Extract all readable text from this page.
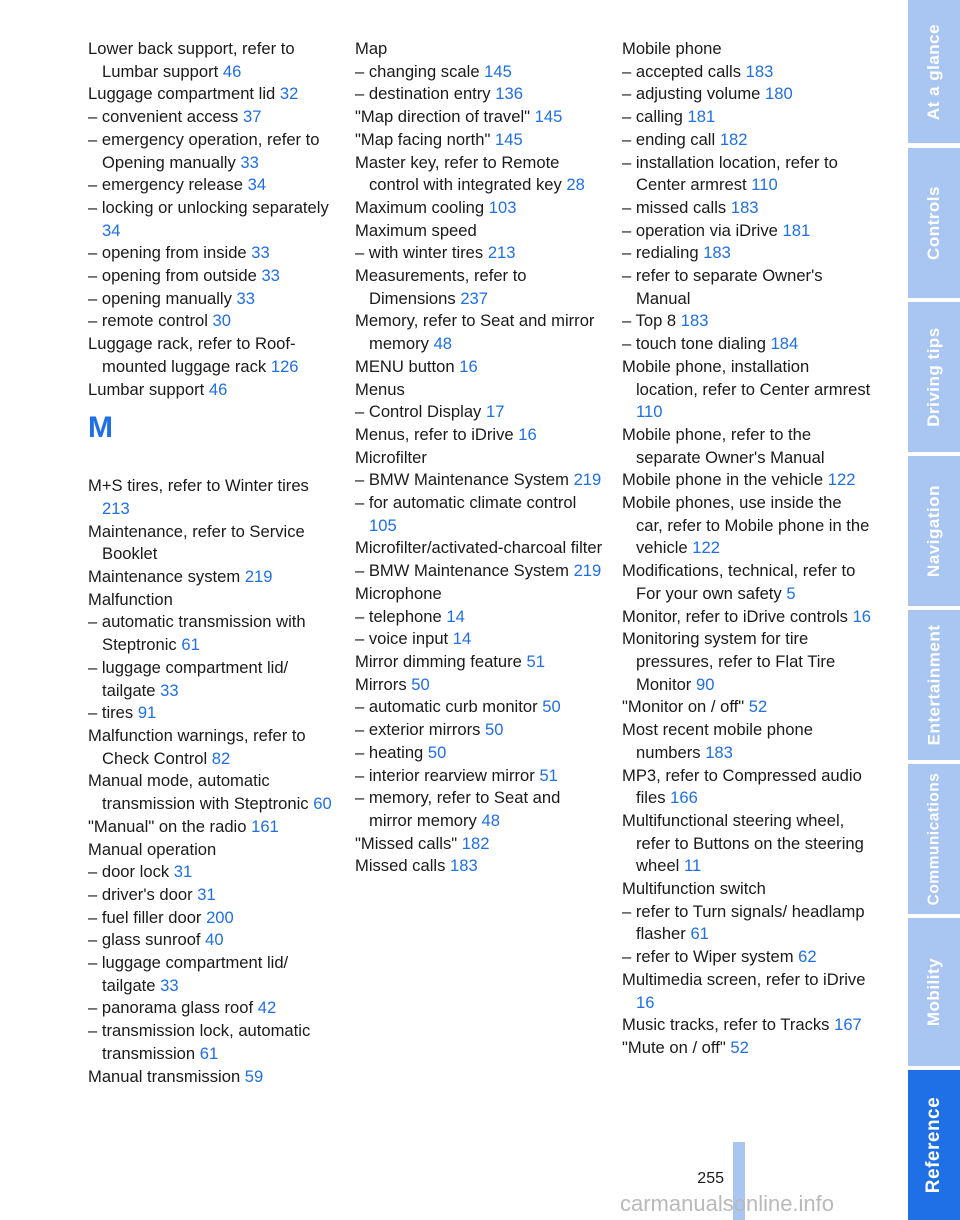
Lower back support, refer to Lumbar support 46
Luggage compartment lid 32
– convenient access 37
– emergency operation, refer to Opening manually 33
– emergency release 34
– locking or unlocking separately 34
– opening from inside 33
– opening from outside 33
– opening manually 33
– remote control 30
Luggage rack, refer to Roof-mounted luggage rack 126
Lumbar support 46
M
M+S tires, refer to Winter tires 213
Maintenance, refer to Service Booklet
Maintenance system 219
Malfunction
– automatic transmission with Steptronic 61
– luggage compartment lid/ tailgate 33
– tires 91
Malfunction warnings, refer to Check Control 82
Manual mode, automatic transmission with Steptronic 60
"Manual" on the radio 161
Manual operation
– door lock 31
– driver's door 31
– fuel filler door 200
– glass sunroof 40
– luggage compartment lid/ tailgate 33
– panorama glass roof 42
– transmission lock, automatic transmission 61
Manual transmission 59
Map
– changing scale 145
– destination entry 136
"Map direction of travel" 145
"Map facing north" 145
Master key, refer to Remote control with integrated key 28
Maximum cooling 103
Maximum speed
– with winter tires 213
Measurements, refer to Dimensions 237
Memory, refer to Seat and mirror memory 48
MENU button 16
Menus
– Control Display 17
Menus, refer to iDrive 16
Microfilter
– BMW Maintenance System 219
– for automatic climate control 105
Microfilter/activated-charcoal filter
– BMW Maintenance System 219
Microphone
– telephone 14
– voice input 14
Mirror dimming feature 51
Mirrors 50
– automatic curb monitor 50
– exterior mirrors 50
– heating 50
– interior rearview mirror 51
– memory, refer to Seat and mirror memory 48
"Missed calls" 182
Missed calls 183
Mobile phone
– accepted calls 183
– adjusting volume 180
– calling 181
– ending call 182
– installation location, refer to Center armrest 110
– missed calls 183
– operation via iDrive 181
– redialing 183
– refer to separate Owner's Manual
– Top 8 183
– touch tone dialing 184
Mobile phone, installation location, refer to Center armrest 110
Mobile phone, refer to the separate Owner's Manual
Mobile phone in the vehicle 122
Mobile phones, use inside the car, refer to Mobile phone in the vehicle 122
Modifications, technical, refer to For your own safety 5
Monitor, refer to iDrive controls 16
Monitoring system for tire pressures, refer to Flat Tire Monitor 90
"Monitor on / off" 52
Most recent mobile phone numbers 183
MP3, refer to Compressed audio files 166
Multifunctional steering wheel, refer to Buttons on the steering wheel 11
Multifunction switch
– refer to Turn signals/ headlamp flasher 61
– refer to Wiper system 62
Multimedia screen, refer to iDrive 16
Music tracks, refer to Tracks 167
"Mute on / off" 52
At a glance
Controls
Driving tips
Navigation
Entertainment
Communications
Mobility
Reference
255
carmanualsonline.info
